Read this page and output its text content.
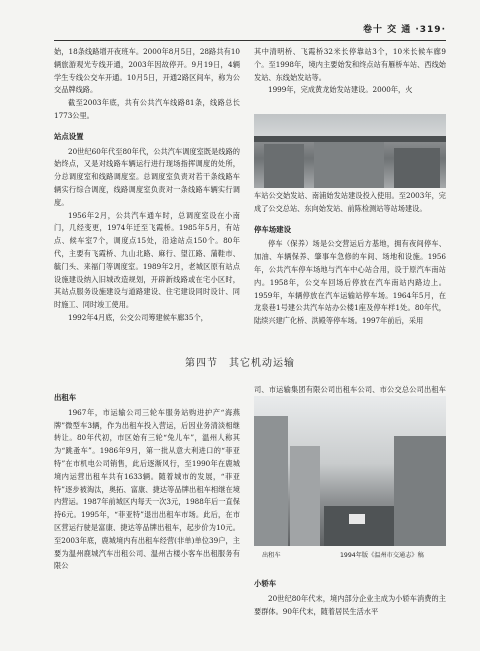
卷十 交 通 ·319·

始，18条线路增开夜班车。2000年8月5日，28路共有10辆旅游观光专线开通，2003年因故停开。9月19日，4辆学生专线公交车开通。10月5日，开通2路区间车，称为公交品牌线路。

截至2003年底，共有公共汽车线路81条，线路总长1773公里。

站点设置

20世纪60年代至80年代，公共汽车调度室既是线路的始终点，又是对线路车辆运行进行现场指挥调度的处所，分总调度室和线路调度室。总调度室负责对若干条线路车辆实行综合调度，线路调度室负责对一条线路车辆实行调度。

1956年2月，公共汽车通车时，总调度室设在小南门，几经变更，1974年迁至飞霞桥。1985年5月，有站点、候车室7个，调度点15处，沿途站点150个。80年代，主要有飞霞桥、九山北路、麻行、望江路、蒲鞋市、毓门头、来福门等调度室。1989年2月，老城区原有站点设施建设纳入旧城改造规划，开辟新线路或在宅小区时，其站点服务设施建设与道路建设、住宅建设同时设计、同时施工、同时竣工使用。

1992年4月底，公交公司筹建候车廊35个，

其中清明桥、飞霞桥32米长停靠站3个，10米长候车廊9个。至1998年，境内主要始发和终点站有雁桥车站、西线始发站、东线始发站等。

1999年，完成黄龙始发站建设。2000年，火

车站公交始发站、南浦始发站建设投入使用。至2003年，完成了公交总站、东向始发站、前陈检测站等站场建设。

停车场建设

停车（保养）场是公交营运后方基地，拥有夜间停车、加油、车辆保养、肇事车急修的车间、场地和设施。1956年，公共汽车停车场地与汽车中心站合用，设于原汽车南站内。1958年，公交车回场后停放在汽车南站内路边上。1959年，车辆停放在汽车运输站停车场。1964年5月，在龙泉巷1号建公共汽车站办公楼1座及停车样1处。80年代，陆续兴建广化桥、洪殿等停车场。1997年前后，采用

第四节　其它机动运输

出租车

1967年，市运输公司三轮车服务站购进护产“海燕牌”微型车3辆，作为出租车投入营运，后因业务清淡相继转让。80年代初，市区始有三轮“兔儿车”，温州人称其为“跳蚤车”。1986年9月，第一批从意大利进口的“菲亚特”在市机电公司销售，此后逐渐风行，至1990年在鹿城境内运营出租车共有1633辆。随着城市的发展，“菲亚特”逐步被淘汰，奥拓、富康、捷达等品牌出租车相继在境内营运。1987年前城区内每天一次3元，1988年后一直保持6元。1995年，“菲亚特”退出出租车市场。此后，在市区营运行驶是富康、捷达等品牌出租车，起步价为10元。至2003年底，鹿城境内有出租车经营(非单)单位39户，主要为温州鹿城汽车出租公司、温州古楼小客车出租服务有限公

司、市运输集团有限公司出租车公司、市公交总公司出租车

出租车	1994年版《温州市交通志》稿

小轿车

20世纪80年代末，境内部分企业主成为小轿车消费的主要群体。90年代末，随着居民生活水平
